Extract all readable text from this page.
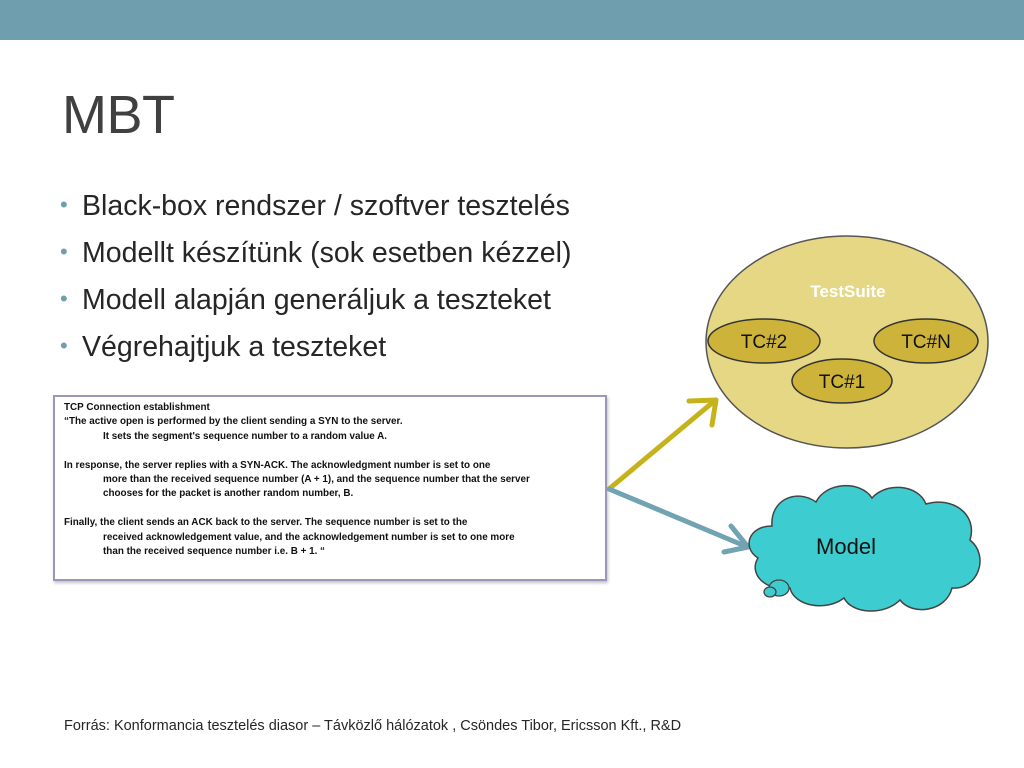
MBT
• Black-box rendszer / szoftver tesztelés
• Modellt készítünk (sok esetben kézzel)
• Modell alapján generáljuk a teszteket
• Végrehajtjuk a teszteket
TCP Connection establishment
“The active open is performed by the client sending a SYN to the server.
It sets the segment's sequence number to a random value A.
In response, the server replies with a SYN-ACK. The acknowledgment number is set to one
more than the received sequence number (A + 1), and the sequence number that the server
chooses for the packet is another random number, B.
Finally, the client sends an ACK back to the server. The sequence number is set to the
received acknowledgement value, and the acknowledgement number is set to one more
than the received sequence number i.e. B + 1. “
TestSuite
TC#2	TC#N
TC#1
Model
Forrás: Konformancia tesztelés diasor – Távközlő hálózatok , Csöndes Tibor, Ericsson Kft., R&D
